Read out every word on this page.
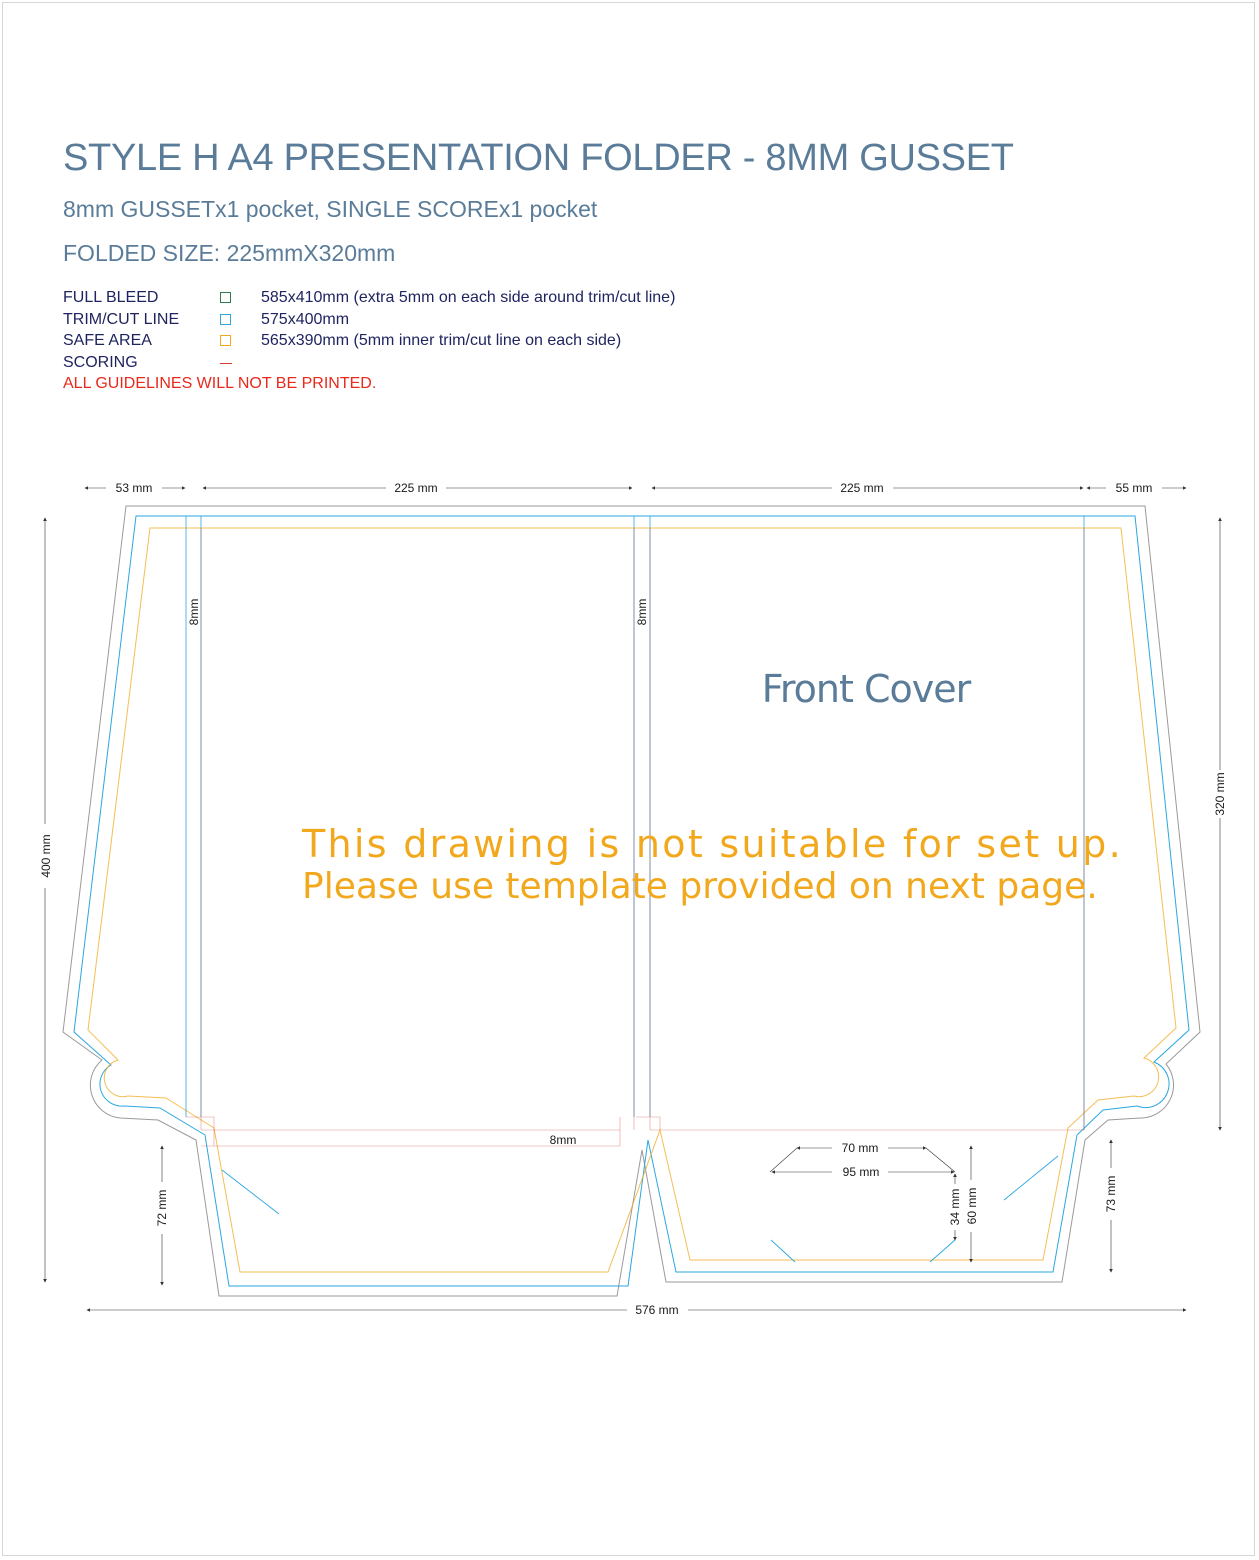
STYLE H A4 PRESENTATION FOLDER - 8MM GUSSET
8mm GUSSETx1 pocket, SINGLE SCOREx1 pocket
FOLDED SIZE: 225mmX320mm
FULL BLEED	585x410mm (extra 5mm on each side around trim/cut line)
TRIM/CUT LINE	575x400mm
SAFE AREA	565x390mm (5mm inner trim/cut line on each side)
SCORING
ALL GUIDELINES WILL NOT BE PRINTED.
53 mm	225 mm	225 mm	55 mm
400 mm
320 mm
8mm	8mm
8mm
72 mm	73 mm
576 mm
70 mm
95 mm
34 mm 60 mm
Front Cover
This drawing is not suitable for set up.
Please use template provided on next page.
